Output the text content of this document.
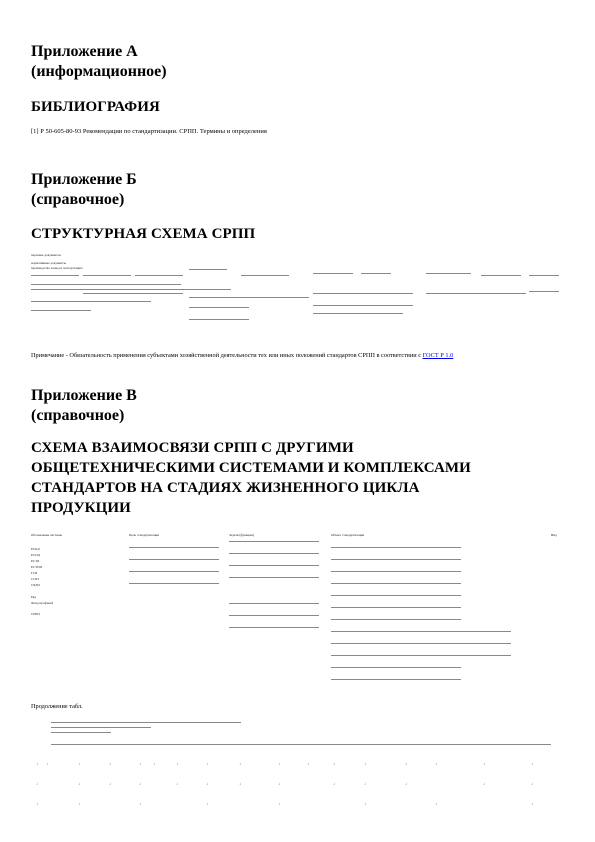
Приложение А
(информационное)
БИБЛИОГРАФИЯ
[1] Р 50-605-80-93 Рекомендации по стандартизации. СРПП. Термины и определения
Приложение Б
(справочное)
СТРУКТУРНАЯ СХЕМА СРПП
перечень документов
нормативные документы
производство и ввод в эксплуатацию
Примечание - Обязательность применения субъектами хозяйственной деятельности тех или иных положений стандартов СРПП в соответствии с ГОСТ Р 1.0
Приложение В
(справочное)
СХЕМА ВЗАИМОСВЯЗИ СРПП С ДРУГИМИ
ОБЩЕТЕХНИЧЕСКИМИ СИСТЕМАМИ И КОМПЛЕКСАМИ
СТАНДАРТОВ НА СТАДИЯХ ЖИЗНЕННОГО ЦИКЛА
ПРОДУКЦИИ
Обозначение системы	Цель стандартизации	Задачи (функции)	Объект стандартизации	Вид
ЕСКД
ЕСПД
ЕСТД
ЕСТПП
ГСИ
ССБТ
СЧДЧ
Ряд
Фонд профилей
СРПП
Продолжение табл.
↓ ↓	↓	↓	↓	↓	↓	↓	↓	↓	↓	↓	↓	↓	↓	↓	↓
↓	↓	↓	↓	↓	↓	↓	↓	↓	↓	↓	↓	↓
↓	↓	↓	↓	↓	↓	↓	↓
